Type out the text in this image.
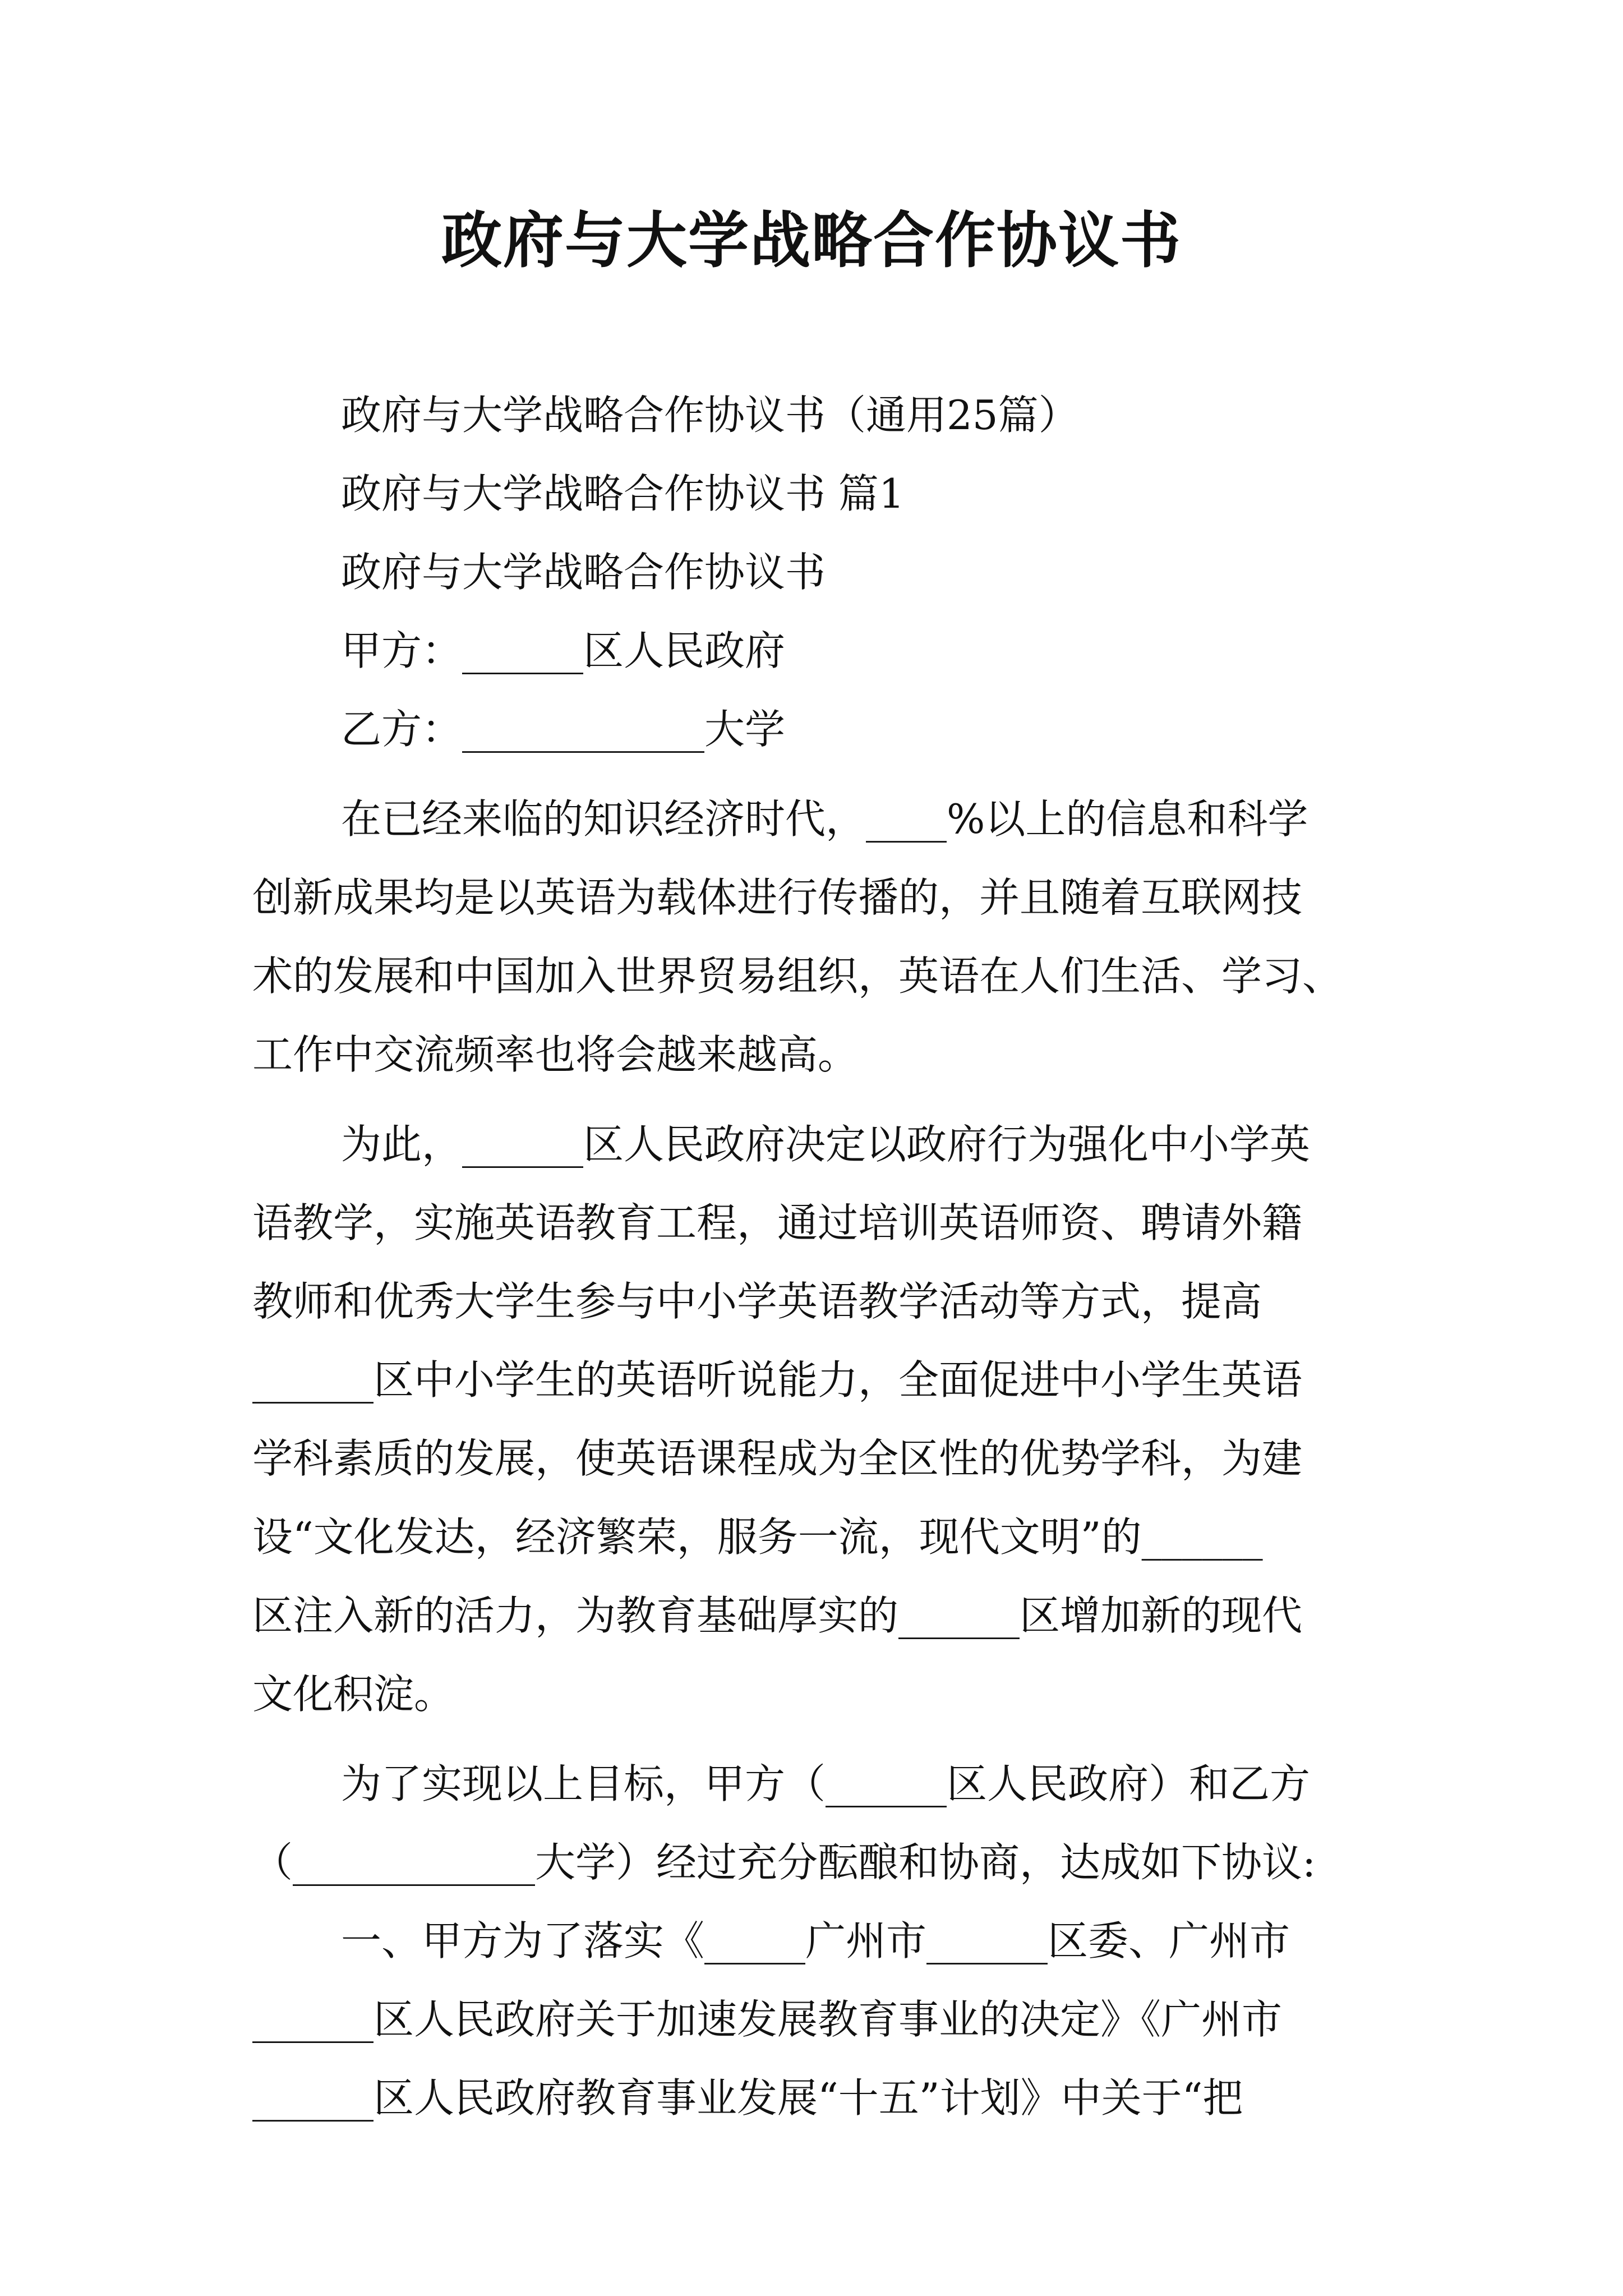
政府与大学战略合作协议书
政府与大学战略合作协议书（通用25篇）
政府与大学战略合作协议书 篇1
政府与大学战略合作协议书
甲方：______区人民政府
乙方：____________大学
在已经来临的知识经济时代，____%以上的信息和科学
创新成果均是以英语为载体进行传播的，并且随着互联网技
术的发展和中国加入世界贸易组织，英语在人们生活、学习、
工作中交流频率也将会越来越高。
为此，______区人民政府决定以政府行为强化中小学英
语教学，实施英语教育工程，通过培训英语师资、聘请外籍
教师和优秀大学生参与中小学英语教学活动等方式，提高
______区中小学生的英语听说能力，全面促进中小学生英语
学科素质的发展，使英语课程成为全区性的优势学科，为建
设“文化发达，经济繁荣，服务一流，现代文明”的______
区注入新的活力，为教育基础厚实的______区增加新的现代
文化积淀。
为了实现以上目标，甲方（______区人民政府）和乙方
（____________大学）经过充分酝酿和协商，达成如下协议:
一、甲方为了落实《_____广州市______区委、广州市
______区人民政府关于加速发展教育事业的决定》《广州市
______区人民政府教育事业发展“十五”计划》中关于“把
